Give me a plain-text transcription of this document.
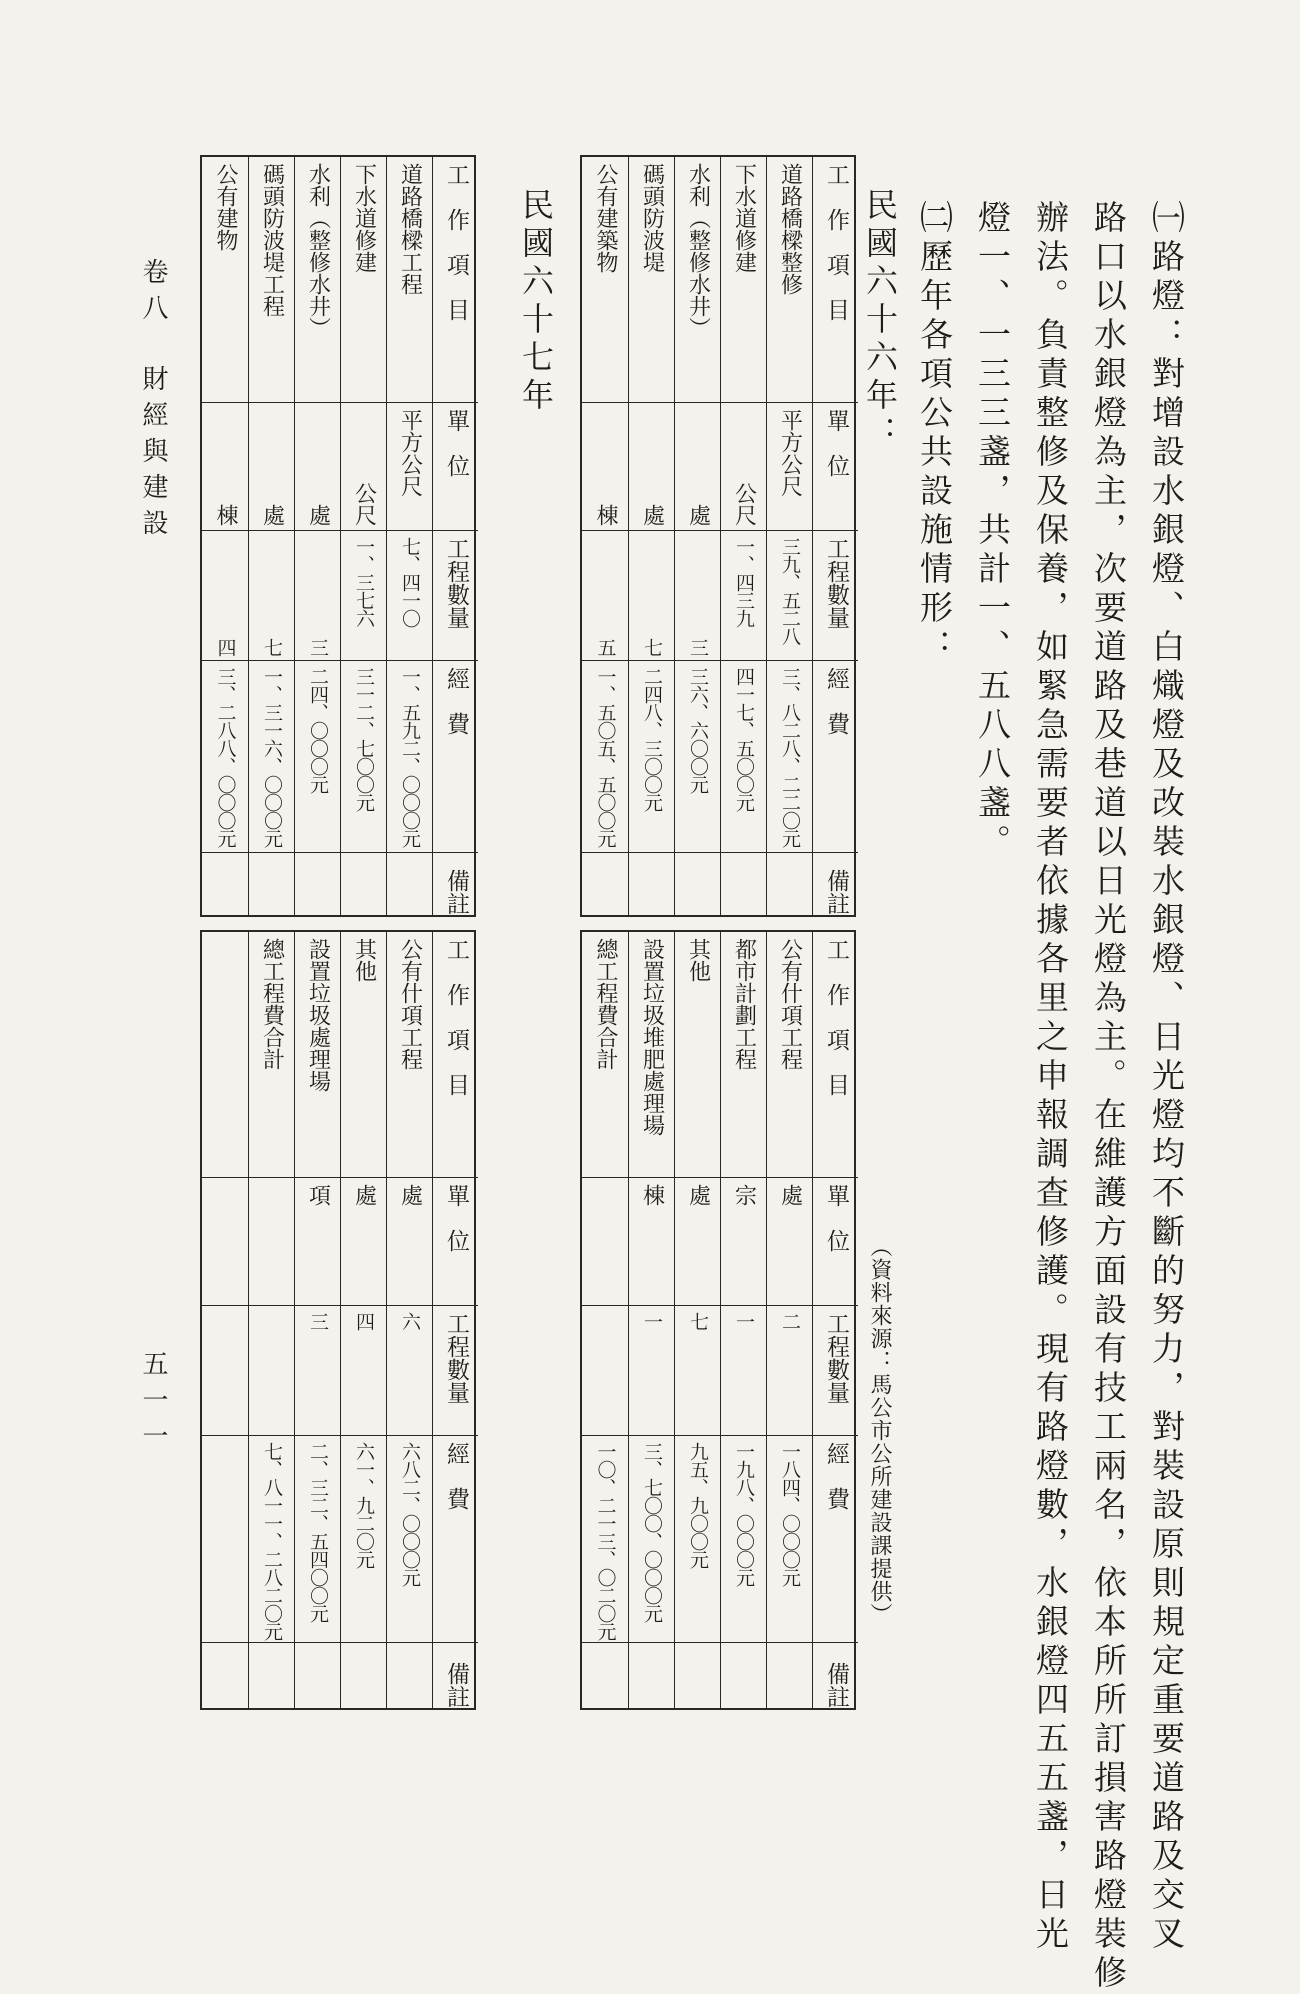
㈠路燈：對增設水銀燈、白熾燈及改裝水銀燈、日光燈均不斷的努力，對裝設原則規定重要道路及交叉
路口以水銀燈為主，次要道路及巷道以日光燈為主。在維護方面設有技工兩名，依本所所訂損害路燈裝修
辦法。負責整修及保養，如緊急需要者依據各里之申報調查修護。現有路燈數，水銀燈四五五盞，日光
燈一、一三三盞，共計一、五八八盞。
㈡歷年各項公共設施情形：
民國六十六年：
（資料來源：馬公市公所建設課提供）
工作項目
單位
工程數量
經費
備註
道路橋樑整修
平方公尺
三九、五二八
三、八二八、二二〇元
下水道修建
公尺
一、四三九
四一七、五〇〇元
水利（整修水井）
處
三
三六、六〇〇元
碼頭防波堤
處
七
二四八、三〇〇元
公有建築物
棟
五
一、五〇五、五〇〇元
工作項目
單位
工程數量
經費
備註
公有什項工程
處
二
一八四、〇〇〇元
都市計劃工程
宗
一
一九八、〇〇〇元
其他
處
七
九五、九〇〇元
設置垃圾堆肥處理場
棟
一
三、七〇〇、〇〇〇元
總工程費合計
一〇、二一三、〇二〇元
民國六十七年
工作項目
單位
工程數量
經費
備註
道路橋樑工程
平方公尺
七、四一〇
一、五九二、〇〇〇元
下水道修建
公尺
一、三七六
三一二、七〇〇元
水利（整修水井）
處
三
二四、〇〇〇元
碼頭防波堤工程
處
七
一、三一六、〇〇〇元
公有建物
棟
四
三、二八八、〇〇〇元
工作項目
單位
工程數量
經費
備註
公有什項工程
處
六
六八二、〇〇〇元
其他
處
四
六一、九二〇元
設置垃圾處理場
項
三
二、三二、五四〇〇元
總工程費合計
七、八一一、二八二〇元
卷八
財經與建設
五一一
